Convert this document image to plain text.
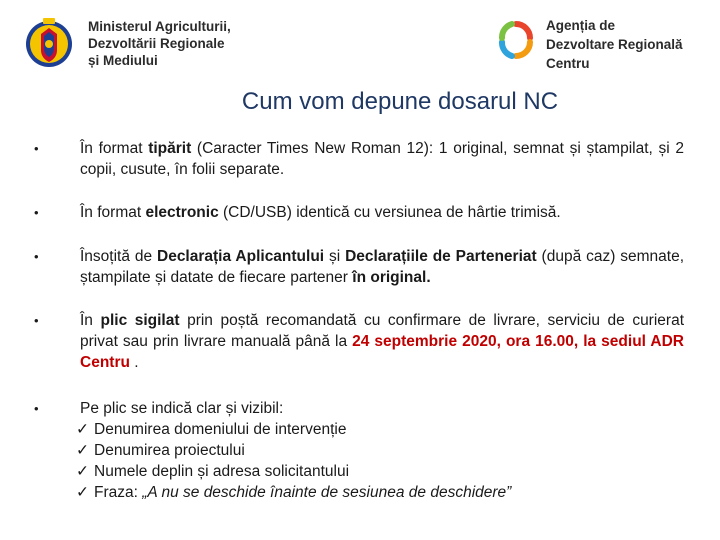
Ministerul Agriculturii,
Dezvoltării Regionale
și Mediului
Agenția de
Dezvoltare Regională
Centru
Cum vom depune dosarul NC
•	În format tipărit (Caracter Times New Roman 12): 1 original, semnat și ștampilat, și 2 copii, cusute, în folii separate.
•	În format electronic (CD/USB) identică cu versiunea de hârtie trimisă.
•	Însoțită de Declarația Aplicantului și Declarațiile de Parteneriat (după caz) semnate, ștampilate și datate de fiecare partener în original.
•	În plic sigilat prin poștă recomandată cu confirmare de livrare, serviciu de curierat privat sau prin livrare manuală până la 24 septembrie 2020, ora 16.00, la sediul ADR Centru .
•	Pe plic se indică clar și vizibil:
✓ Denumirea domeniului de intervenție
✓ Denumirea proiectului
✓ Numele deplin și adresa solicitantului
✓ Fraza: „A nu se deschide înainte de sesiunea de deschidere”
